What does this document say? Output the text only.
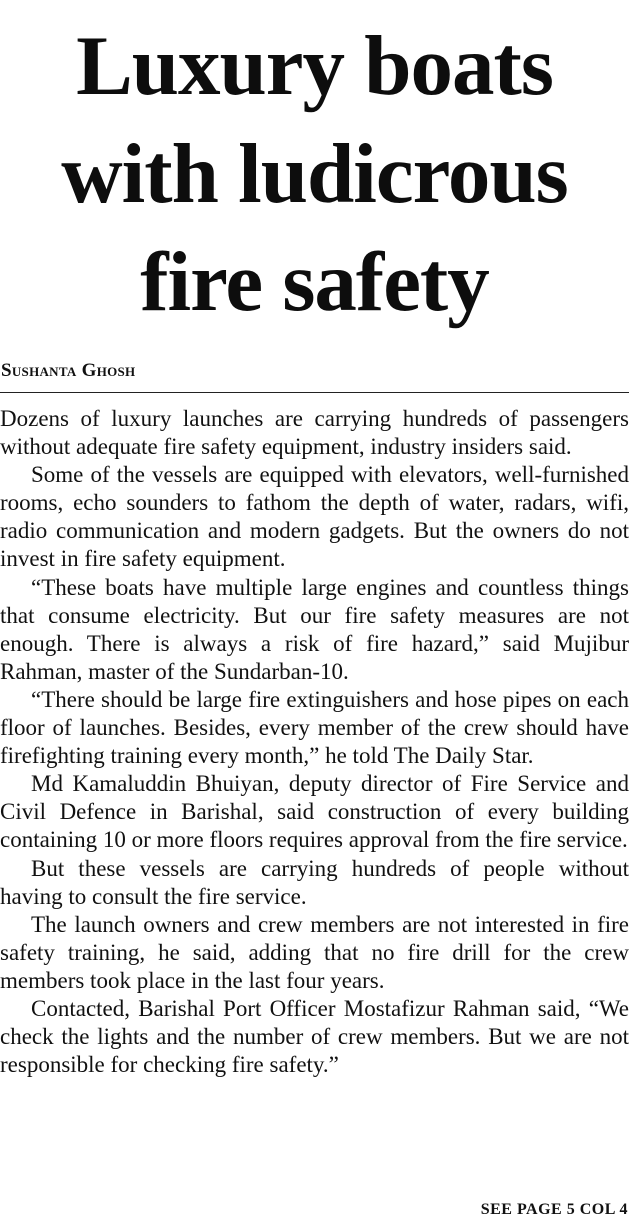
Luxury boats
with ludicrous
fire safety
Sushanta Ghosh

Dozens of luxury launches are carrying hundreds of passengers without adequate fire safety equipment, industry insiders said.

Some of the vessels are equipped with elevators, well-furnished rooms, echo sounders to fathom the depth of water, radars, wifi, radio communication and modern gadgets. But the owners do not invest in fire safety equipment.

“These boats have multiple large engines and countless things that consume electricity. But our fire safety measures are not enough. There is always a risk of fire hazard,” said Mujibur Rahman, master of the Sundarban-10.

“There should be large fire extinguishers and hose pipes on each floor of launches. Besides, every member of the crew should have firefighting training every month,” he told The Daily Star.

Md Kamaluddin Bhuiyan, deputy director of Fire Service and Civil Defence in Barishal, said construction of every building containing 10 or more floors requires approval from the fire service.

But these vessels are carrying hundreds of people without having to consult the fire service.

The launch owners and crew members are not interested in fire safety training, he said, adding that no fire drill for the crew members took place in the last four years.

Contacted, Barishal Port Officer Mostafizur Rahman said, “We check the lights and the number of crew members. But we are not responsible for checking fire safety.”

SEE PAGE 5 COL 4
